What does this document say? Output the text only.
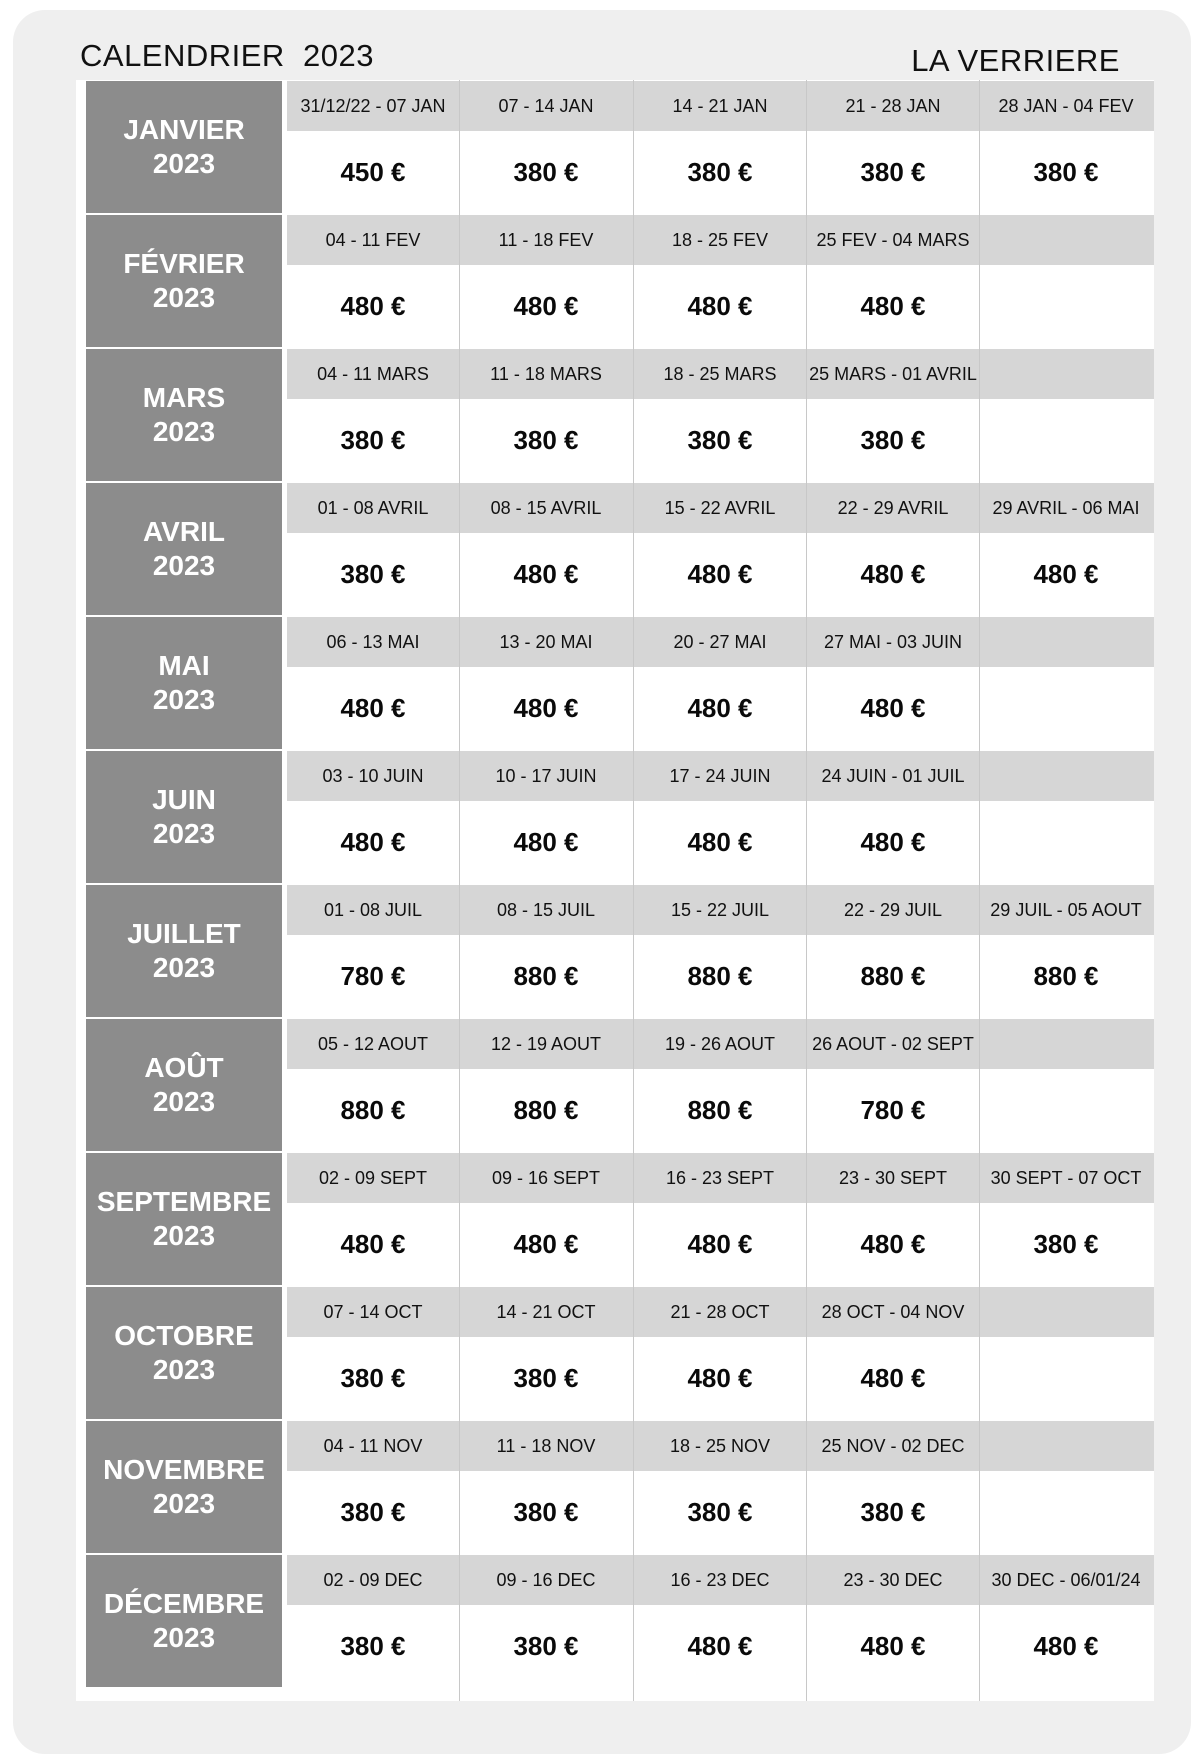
CALENDRIER  2023	LA VERRIERE
JANVIER
2023
31/12/22 - 07 JAN
450 €
07 - 14 JAN
380 €
14 - 21 JAN
380 €
21 - 28 JAN
380 €
28 JAN - 04 FEV
380 €
FÉVRIER
2023
04 - 11 FEV
480 €
11 - 18 FEV
480 €
18 - 25 FEV
480 €
25 FEV - 04 MARS
480 €
MARS
2023
04 - 11 MARS
380 €
11 - 18 MARS
380 €
18 - 25 MARS
380 €
25 MARS - 01 AVRIL
380 €
AVRIL
2023
01 - 08 AVRIL
380 €
08 - 15 AVRIL
480 €
15 - 22 AVRIL
480 €
22 - 29 AVRIL
480 €
29 AVRIL - 06 MAI
480 €
MAI
2023
06 - 13 MAI
480 €
13 - 20 MAI
480 €
20 - 27 MAI
480 €
27 MAI - 03 JUIN
480 €
JUIN
2023
03 - 10 JUIN
480 €
10 - 17 JUIN
480 €
17 - 24 JUIN
480 €
24 JUIN - 01 JUIL
480 €
JUILLET
2023
01 - 08 JUIL
780 €
08 - 15 JUIL
880 €
15 - 22 JUIL
880 €
22 - 29 JUIL
880 €
29 JUIL - 05 AOUT
880 €
AOÛT
2023
05 - 12 AOUT
880 €
12 - 19 AOUT
880 €
19 - 26 AOUT
880 €
26 AOUT - 02 SEPT
780 €
SEPTEMBRE
2023
02 - 09 SEPT
480 €
09 - 16 SEPT
480 €
16 - 23 SEPT
480 €
23 - 30 SEPT
480 €
30 SEPT - 07 OCT
380 €
OCTOBRE
2023
07 - 14 OCT
380 €
14 - 21 OCT
380 €
21 - 28 OCT
480 €
28 OCT - 04 NOV
480 €
NOVEMBRE
2023
04 - 11 NOV
380 €
11 - 18 NOV
380 €
18 - 25 NOV
380 €
25 NOV - 02 DEC
380 €
DÉCEMBRE
2023
02 - 09 DEC
380 €
09 - 16 DEC
380 €
16 - 23 DEC
480 €
23 - 30 DEC
480 €
30 DEC - 06/01/24
480 €
